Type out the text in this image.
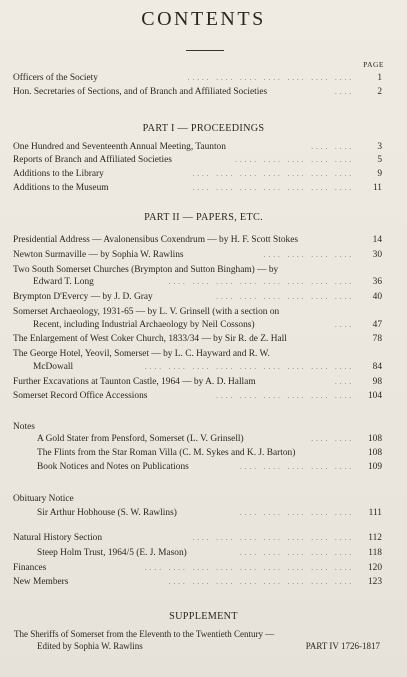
CONTENTS
PAGE
Officers of the Society	..... .... .... .... .... .... .... 1
Hon. Secretaries of Sections, and of Branch and Affiliated Societies	.... 2
PART I — PROCEEDINGS
One Hundred and Seventeenth Annual Meeting, Taunton	.... .... 3
Reports of Branch and Affiliated Societies	..... .... .... .... .... 5
Additions to the Library	.... .... .... .... .... .... .... 9
Additions to the Museum	.... .... .... .... .... .... .... 11
PART II — PAPERS, ETC.
Presidential Address — Avalonensibus Coxendrum — by H. F. Scott Stokes	14
Newton Surmaville — by Sophia W. Rawlins	.... .... .... .... 30
Two South Somerset Churches (Brympton and Sutton Bingham) — by
Edward T. Long	.... .... .... .... .... .... .... .... 36
Brympton D'Evercy — by J. D. Gray	.... .... .... .... .... .... 40
Somerset Archaeology, 1931-65 — by L. V. Grinsell (with a section on
Recent, including Industrial Archaeology by Neil Cossons)	.... 47
The Enlargement of West Coker Church, 1833/34 — by Sir R. de Z. Hall	78
The George Hotel, Yeovil, Somerset — by L. C. Hayward and R. W.
McDowall	.... .... .... .... .... .... .... .... .... 84
Further Excavations at Taunton Castle, 1964 — by A. D. Hallam	.... 98
Somerset Record Office Accessions	.... .... .... .... .... .... 104
Notes
A Gold Stater from Pensford, Somerset (L. V. Grinsell)	.... .... 108
The Flints from the Star Roman Villa (C. M. Sykes and K. J. Barton)	108
Book Notices and Notes on Publications	.... .... .... .... .... 109
Obituary Notice
Sir Arthur Hobhouse (S. W. Rawlins)	.... .... .... .... .... 111
Natural History Section	.... .... .... .... .... .... .... 112
Steep Holm Trust, 1964/5 (E. J. Mason)	.... .... .... .... .... 118
Finances	.... .... .... .... .... .... .... .... .... 120
New Members	.... .... .... .... .... .... .... .... 123
SUPPLEMENT
The Sheriffs of Somerset from the Eleventh to the Twentieth Century —
Edited by Sophia W. Rawlins	PART IV 1726-1817
